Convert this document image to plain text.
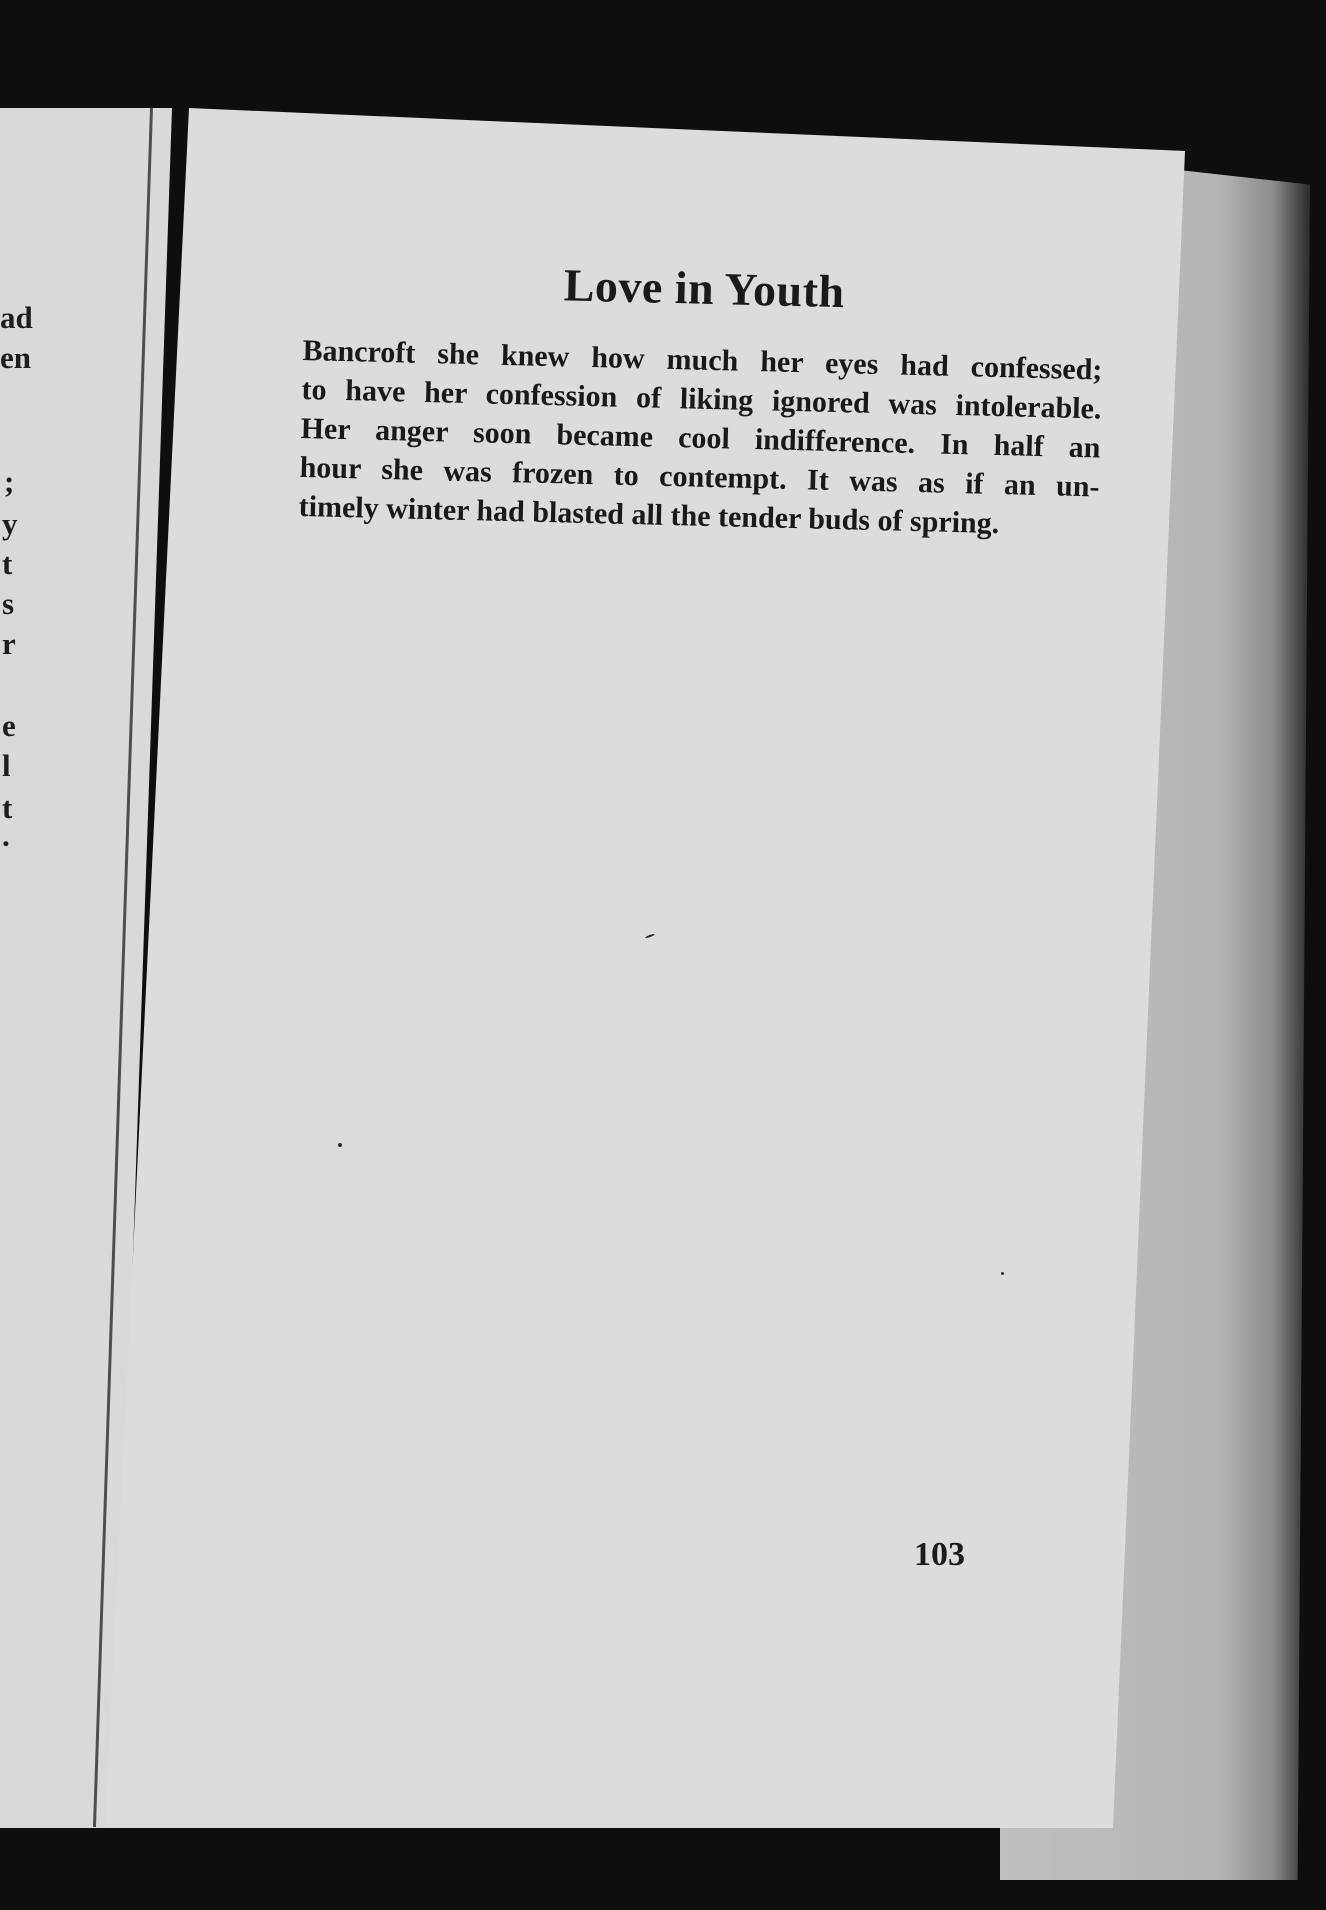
ad
en
;
y
t
s
r
e
l
t
.
Love in Youth
Bancroft she knew how much her eyes had confessed;
to have her confession of liking ignored was intolerable.
Her anger soon became cool indifference. In half an
hour she was frozen to contempt. It was as if an un-
timely winter had blasted all the tender buds of spring.
103
